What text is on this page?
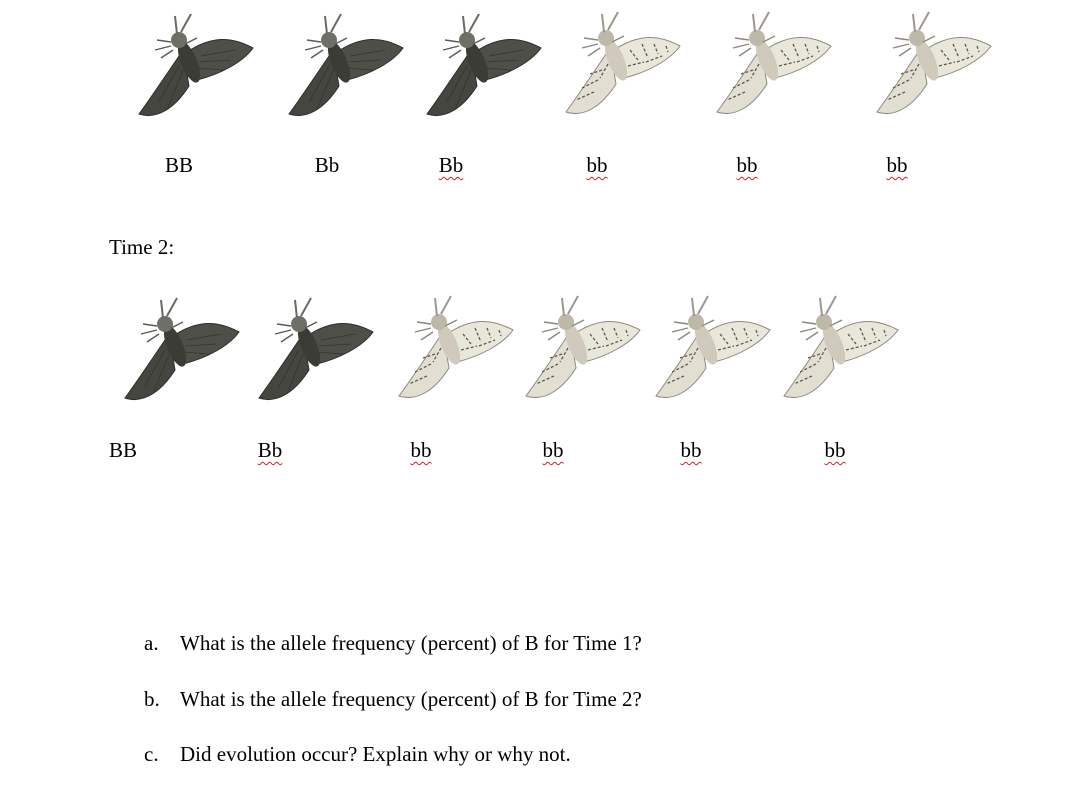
BB	Bb	Bb	bb	bb	bb
Time 2:
BB	Bb	bb	bb	bb	bb
a. What is the allele frequency (percent) of B for Time 1?
b. What is the allele frequency (percent) of B for Time 2?
c. Did evolution occur? Explain why or why not.
